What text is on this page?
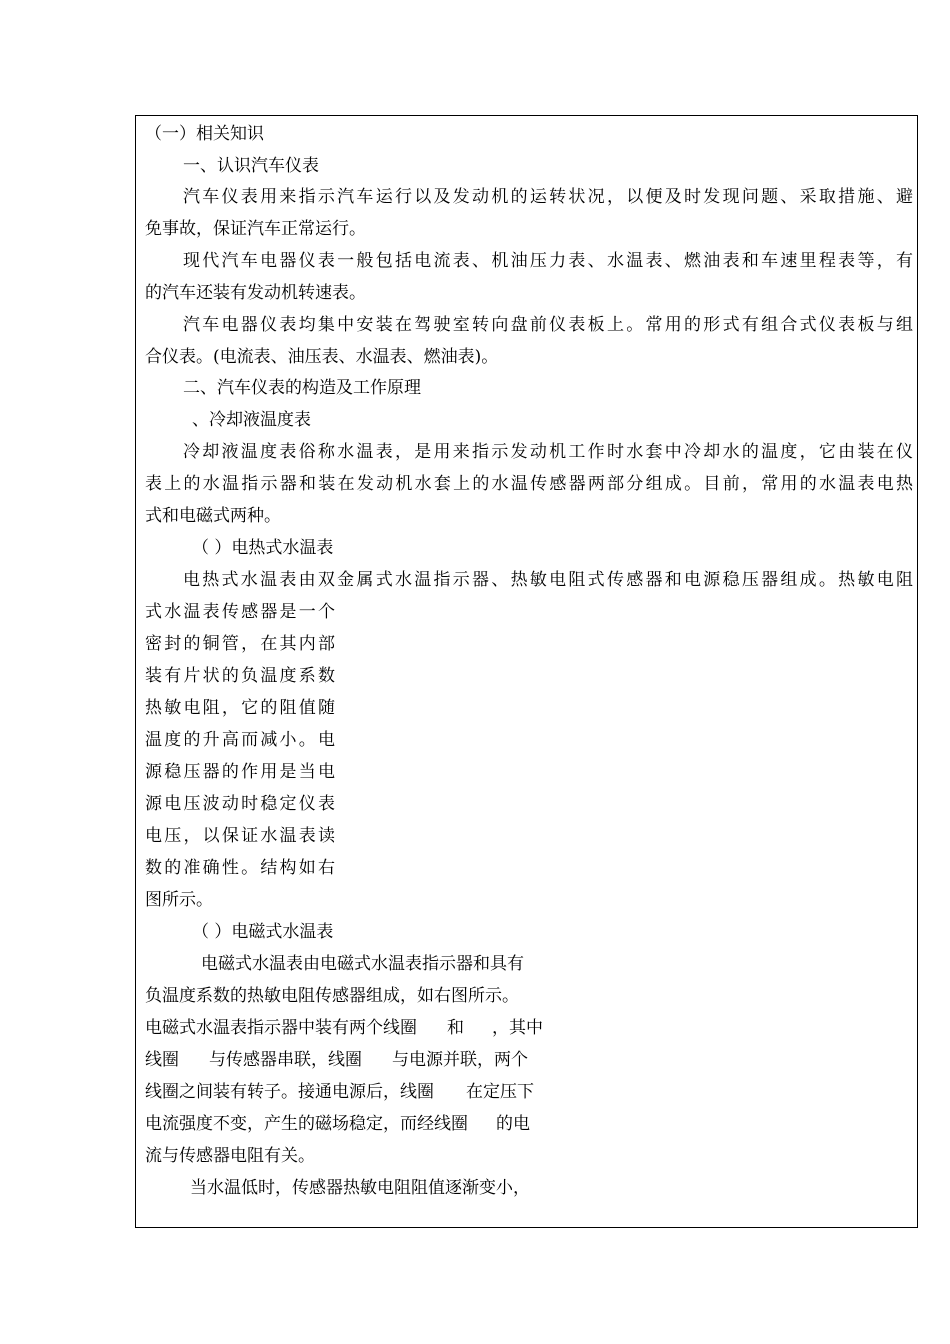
（一）相关知识
一、认识汽车仪表
汽车仪表用来指示汽车运行以及发动机的运转状况，以便及时发现问题、采取措施、避
免事故，保证汽车正常运行。
现代汽车电器仪表一般包括电流表、机油压力表、水温表、燃油表和车速里程表等，有
的汽车还装有发动机转速表。
汽车电器仪表均集中安装在驾驶室转向盘前仪表板上。常用的形式有组合式仪表板与组
合仪表。(电流表、油压表、水温表、燃油表)。
二、汽车仪表的构造及工作原理
、冷却液温度表
冷却液温度表俗称水温表，是用来指示发动机工作时水套中冷却水的温度，它由装在仪
表上的水温指示器和装在发动机水套上的水温传感器两部分组成。目前，常用的水温表电热
式和电磁式两种。
（ ）电热式水温表
电热式水温表由双金属式水温指示器、热敏电阻式传感器和电源稳压器组成。热敏电阻
式水温表传感器是一个
密封的铜管，在其内部
装有片状的负温度系数
热敏电阻，它的阻值随
温度的升高而减小。电
源稳压器的作用是当电
源电压波动时稳定仪表
电压，以保证水温表读
数的准确性。结构如右
图所示。
（ ）电磁式水温表
电磁式水温表由电磁式水温表指示器和具有
负温度系数的热敏电阻传感器组成，如右图所示。
电磁式水温表指示器中装有两个线圈 和 ，其中
线圈 与传感器串联，线圈 与电源并联，两个
线圈之间装有转子。接通电源后，线圈 在定压下
电流强度不变，产生的磁场稳定，而经线圈 的电
流与传感器电阻有关。
当水温低时，传感器热敏电阻阻值逐渐变小，
